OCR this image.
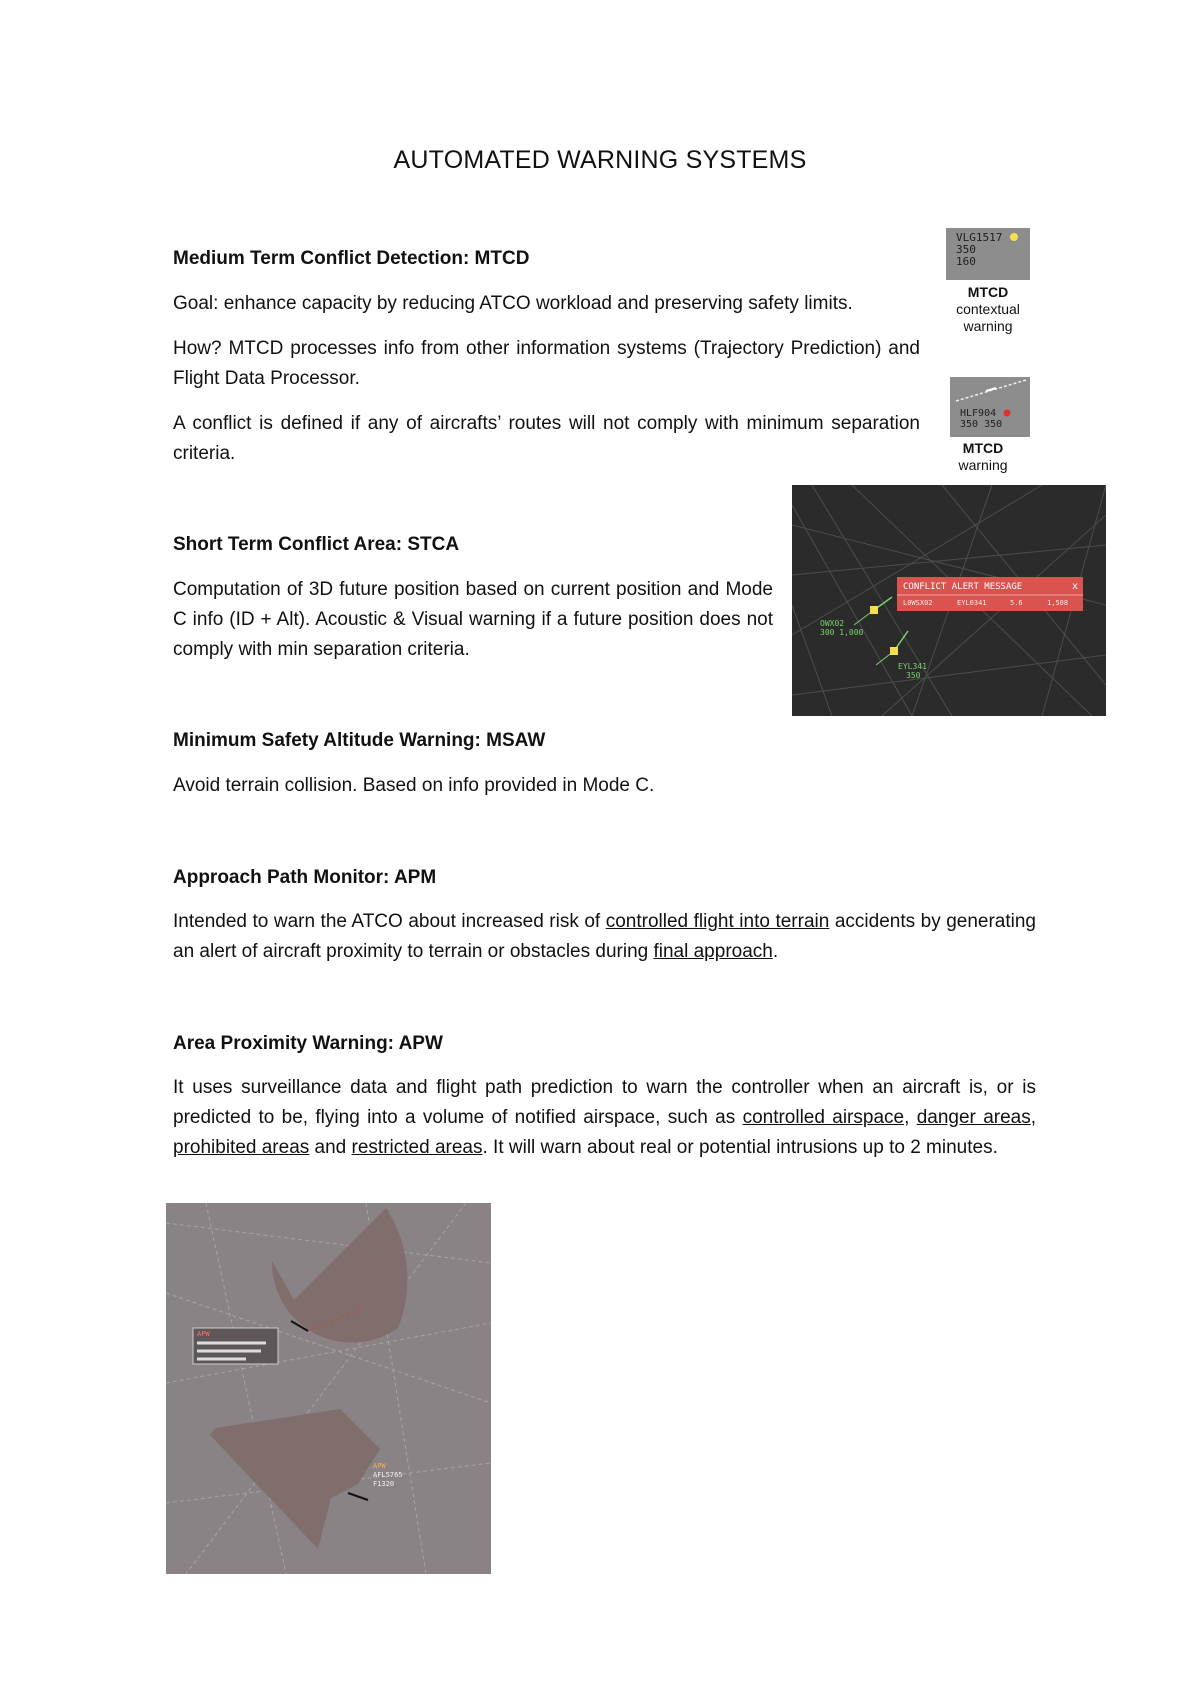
AUTOMATED WARNING SYSTEMS
Medium Term Conflict Detection: MTCD

Goal: enhance capacity by reducing ATCO workload and preserving safety limits.

How? MTCD processes info from other information systems (Trajectory Prediction) and Flight Data Processor.

A conflict is defined if any of aircrafts’ routes will not comply with minimum separation criteria.

VLG1517
350
160
MTCD
contextual warning
HLF904
350 350
MTCD
warning
Short Term Conflict Area: STCA

Computation of 3D future position based on current position and Mode C info (ID + Alt). Acoustic & Visual warning if a future position does not comply with min separation criteria.

CONFLICT ALERT MESSAGE	x
L0WSX02	EYL0341	5.6	1,508
OWX02
300 1,000
EYL341
350
Minimum Safety Altitude Warning: MSAW

Avoid terrain collision. Based on info provided in Mode C.

Approach Path Monitor: APM

Intended to warn the ATCO about increased risk of controlled flight into terrain accidents by generating an alert of aircraft proximity to terrain or obstacles during final approach.

Area Proximity Warning: APW

It uses surveillance data and flight path prediction to warn the controller when an aircraft is, or is predicted to be, flying into a volume of notified airspace, such as controlled airspace, danger areas, prohibited areas and restricted areas. It will warn about real or potential intrusions up to 2 minutes.

APW
APW
AFL5765
F1320
